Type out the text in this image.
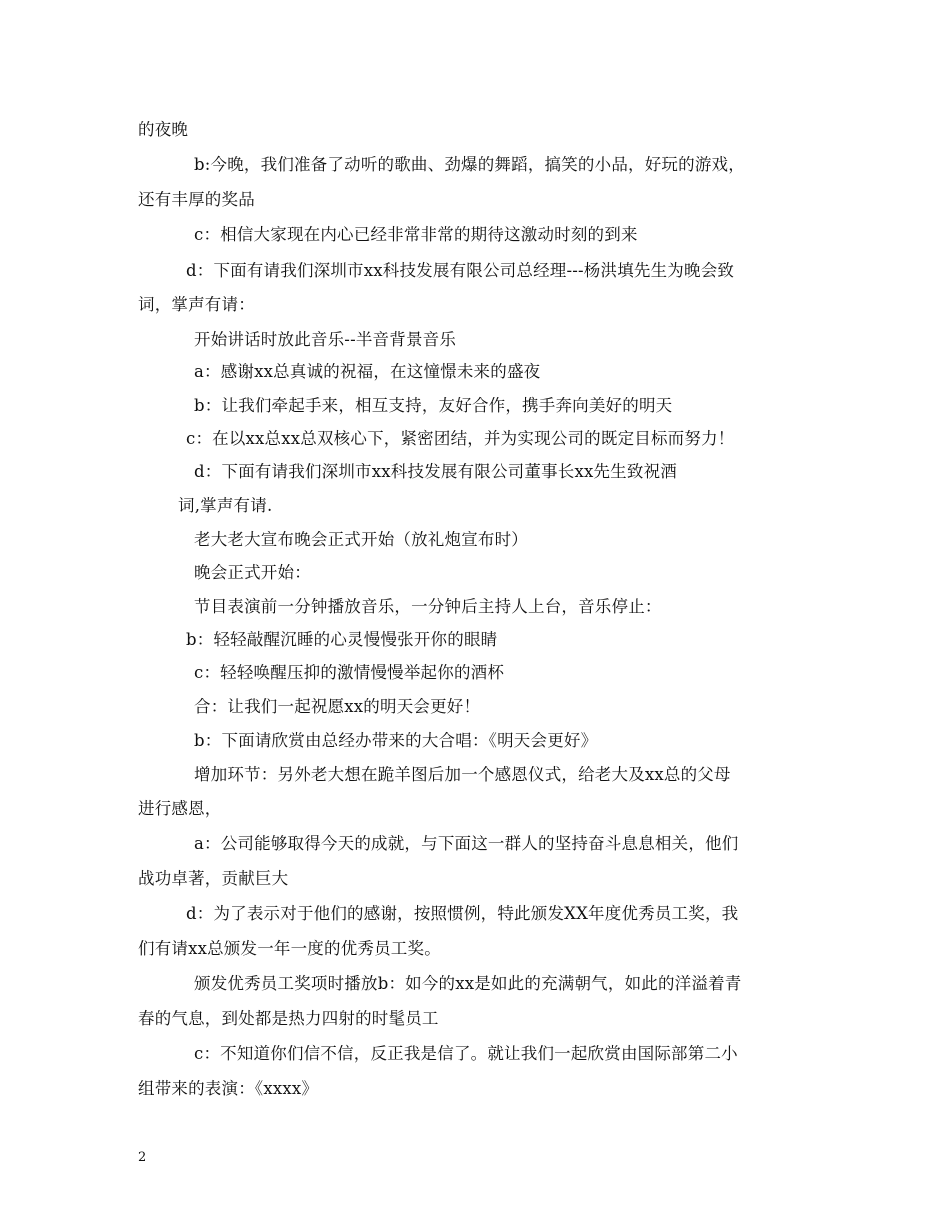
的夜晚
b:今晚，我们准备了动听的歌曲、劲爆的舞蹈，搞笑的小品，好玩的游戏，
还有丰厚的奖品
c：相信大家现在内心已经非常非常的期待这激动时刻的到来
d：下面有请我们深圳市xx科技发展有限公司总经理---杨洪填先生为晚会致
词，掌声有请：
开始讲话时放此音乐--半音背景音乐
a：感谢xx总真诚的祝福，在这憧憬未来的盛夜
b：让我们牵起手来，相互支持，友好合作，携手奔向美好的明天
c：在以xx总xx总双核心下，紧密团结，并为实现公司的既定目标而努力！
d：下面有请我们深圳市xx科技发展有限公司董事长xx先生致祝酒
词,掌声有请.
老大老大宣布晚会正式开始（放礼炮宣布时）
晚会正式开始：
节目表演前一分钟播放音乐，一分钟后主持人上台，音乐停止：
b：轻轻敲醒沉睡的心灵慢慢张开你的眼睛
c：轻轻唤醒压抑的激情慢慢举起你的酒杯
合：让我们一起祝愿xx的明天会更好！
b：下面请欣赏由总经办带来的大合唱：《明天会更好》
增加环节：另外老大想在跪羊图后加一个感恩仪式，给老大及xx总的父母
进行感恩，
a：公司能够取得今天的成就，与下面这一群人的坚持奋斗息息相关，他们
战功卓著，贡献巨大
d：为了表示对于他们的感谢，按照惯例，特此颁发XX年度优秀员工奖，我
们有请xx总颁发一年一度的优秀员工奖。
颁发优秀员工奖项时播放b：如今的xx是如此的充满朝气，如此的洋溢着青
春的气息，到处都是热力四射的时髦员工
c：不知道你们信不信，反正我是信了。就让我们一起欣赏由国际部第二小
组带来的表演：《xxxx》
2
